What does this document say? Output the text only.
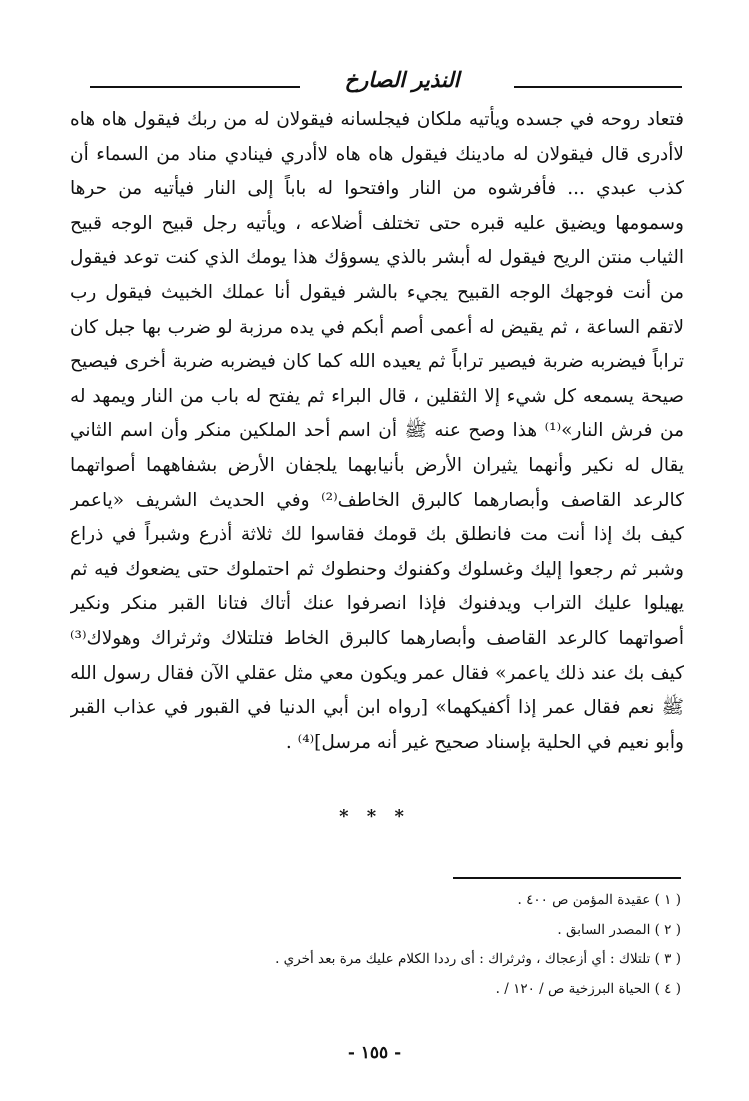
النذير الصارخ
فتعاد روحه في جسده ويأتيه ملكان فيجلسانه فيقولان له من ربك فيقول هاه هاه
لاأدرى قال فيقولان له مادينك فيقول هاه هاه لاأدري فينادي مناد من السماء أن
كذب عبدي ... فأفرشوه من النار وافتحوا له باباً إلى النار فيأتيه من حرها
وسمومها ويضيق عليه قبره حتى تختلف أضلاعه ، ويأتيه رجل قبيح الوجه قبيح
الثياب منتن الريح فيقول له أبشر بالذي يسوؤك هذا يومك الذي كنت توعد فيقول
من أنت فوجهك الوجه القبيح يجيء بالشر فيقول أنا عملك الخبيث فيقول رب
لاتقم الساعة ، ثم يقيض له أعمى أصم أبكم في يده مرزبة لو ضرب بها جبل كان
تراباً فيضربه ضربة فيصير تراباً ثم يعيده الله كما كان فيضربه ضربة أخرى فيصيح
صيحة يسمعه كل شيء إلا الثقلين ، قال البراء ثم يفتح له باب من النار ويمهد له
من فرش النار»⁽¹⁾ هذا وصح عنه ﷺ أن اسم أحد الملكين منكر وأن اسم الثاني
يقال له نكير وأنهما يثيران الأرض بأنيابهما يلجفان الأرض بشفاههما أصواتهما
كالرعد القاصف وأبصارهما كالبرق الخاطف⁽²⁾ وفي الحديث الشريف «ياعمر
كيف بك إذا أنت مت فانطلق بك قومك فقاسوا لك ثلاثة أذرع وشبراً في ذراع
وشبر ثم رجعوا إليك وغسلوك وكفنوك وحنطوك ثم احتملوك حتى يضعوك فيه ثم
يهيلوا عليك التراب ويدفنوك فإذا انصرفوا عنك أتاك فتانا القبر منكر ونكير
أصواتهما كالرعد القاصف وأبصارهما كالبرق الخاط فتلتلاك وثرثراك وهولاك⁽³⁾
كيف بك عند ذلك ياعمر» فقال عمر ويكون معي مثل عقلي الآن فقال رسول الله
ﷺ نعم فقال عمر إذا أكفيكهما» [رواه ابن أبي الدنيا في القبور في عذاب القبر
وأبو نعيم في الحلية بإسناد صحيح غير أنه مرسل]⁽⁴⁾ .
* * *
( ١ ) عقيدة المؤمن ص ٤٠٠ .
( ٢ ) المصدر السابق .
( ٣ ) تلتلاك : أي أزعجاك ، وثرثراك : أى رددا الكلام عليك مرة بعد أخري .
( ٤ ) الحياة البرزخية ص / ١٢٠ / .
- ١٥٥ -
